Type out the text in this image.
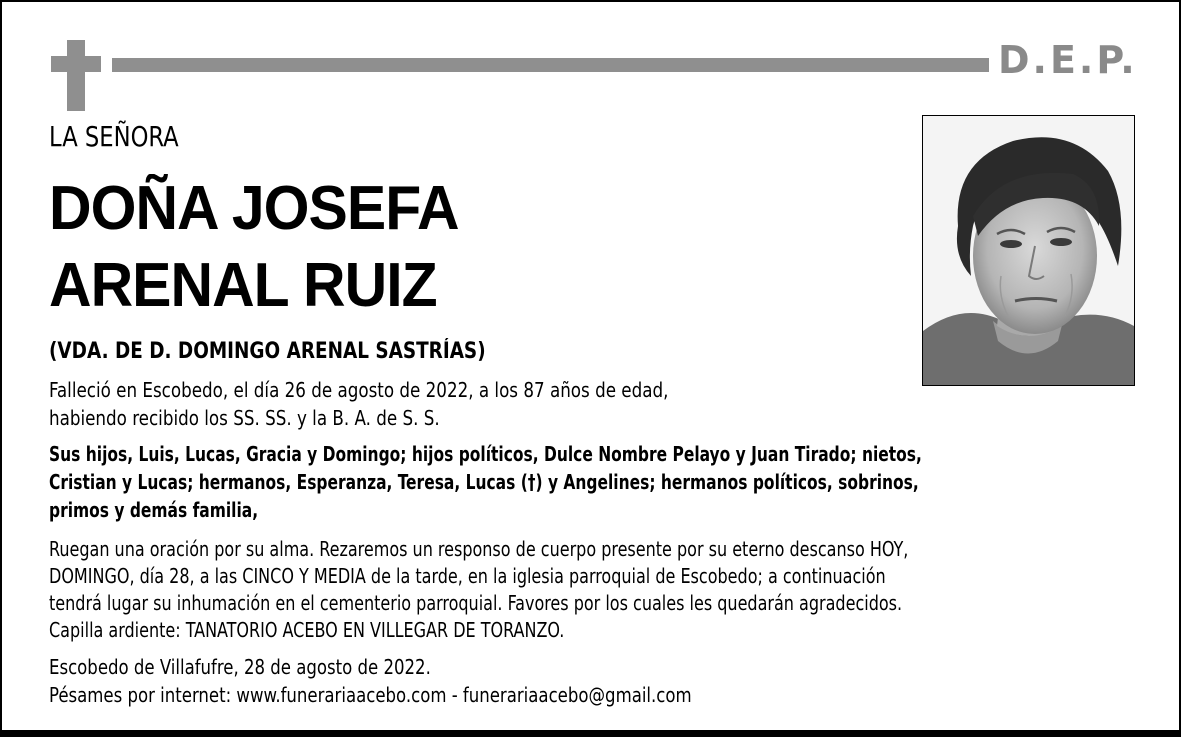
D.E.P.
LA SEÑORA
DOÑA JOSEFA
ARENAL RUIZ
(VDA. DE D. DOMINGO ARENAL SASTRÍAS)
Falleció en Escobedo, el día 26 de agosto de 2022, a los 87 años de edad,
habiendo recibido los SS. SS. y la B. A. de S. S.
Sus hijos, Luis, Lucas, Gracia y Domingo; hijos políticos, Dulce Nombre Pelayo y Juan Tirado; nietos,
Cristian y Lucas; hermanos, Esperanza, Teresa, Lucas (†) y Angelines; hermanos políticos, sobrinos,
primos y demás familia,
Ruegan una oración por su alma. Rezaremos un responso de cuerpo presente por su eterno descanso HOY,
DOMINGO, día 28, a las CINCO Y MEDIA de la tarde, en la iglesia parroquial de Escobedo; a continuación
tendrá lugar su inhumación en el cementerio parroquial. Favores por los cuales les quedarán agradecidos.
Capilla ardiente: TANATORIO ACEBO EN VILLEGAR DE TORANZO.
Escobedo de Villafufre, 28 de agosto de 2022.
Pésames por internet: www.funerariaacebo.com - funerariaacebo@gmail.com
